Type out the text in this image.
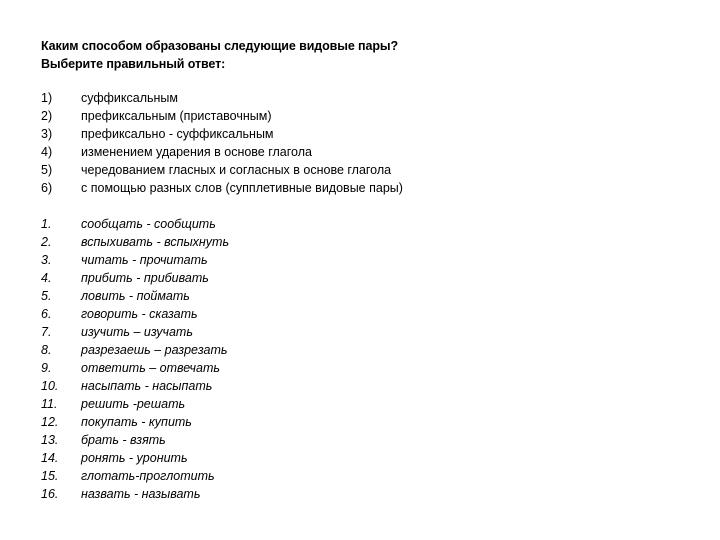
Каким способом образованы следующие видовые пары?
Выберите правильный ответ:
1)	суффиксальным
2)	префиксальным (приставочным)
3)	префиксально - суффиксальным
4)	изменением ударения в основе глагола
5)	чередованием гласных и согласных в основе глагола
6)	с помощью разных слов (супплетивные видовые пары)
1.	сообщать - сообщить
2.	вспыхивать - вспыхнуть
3.	читать - прочитать
4.	прибить - прибивать
5.	ловить - поймать
6.	говорить - сказать
7.	изучить – изучать
8.	разрезаешь – разрезать
9.	ответить – отвечать
10.	насыпать - насыпать
11.	решить -решать
12.	покупать - купить
13.	брать - взять
14.	ронять - уронить
15.	глотать-проглотить
16.	назвать - называть
